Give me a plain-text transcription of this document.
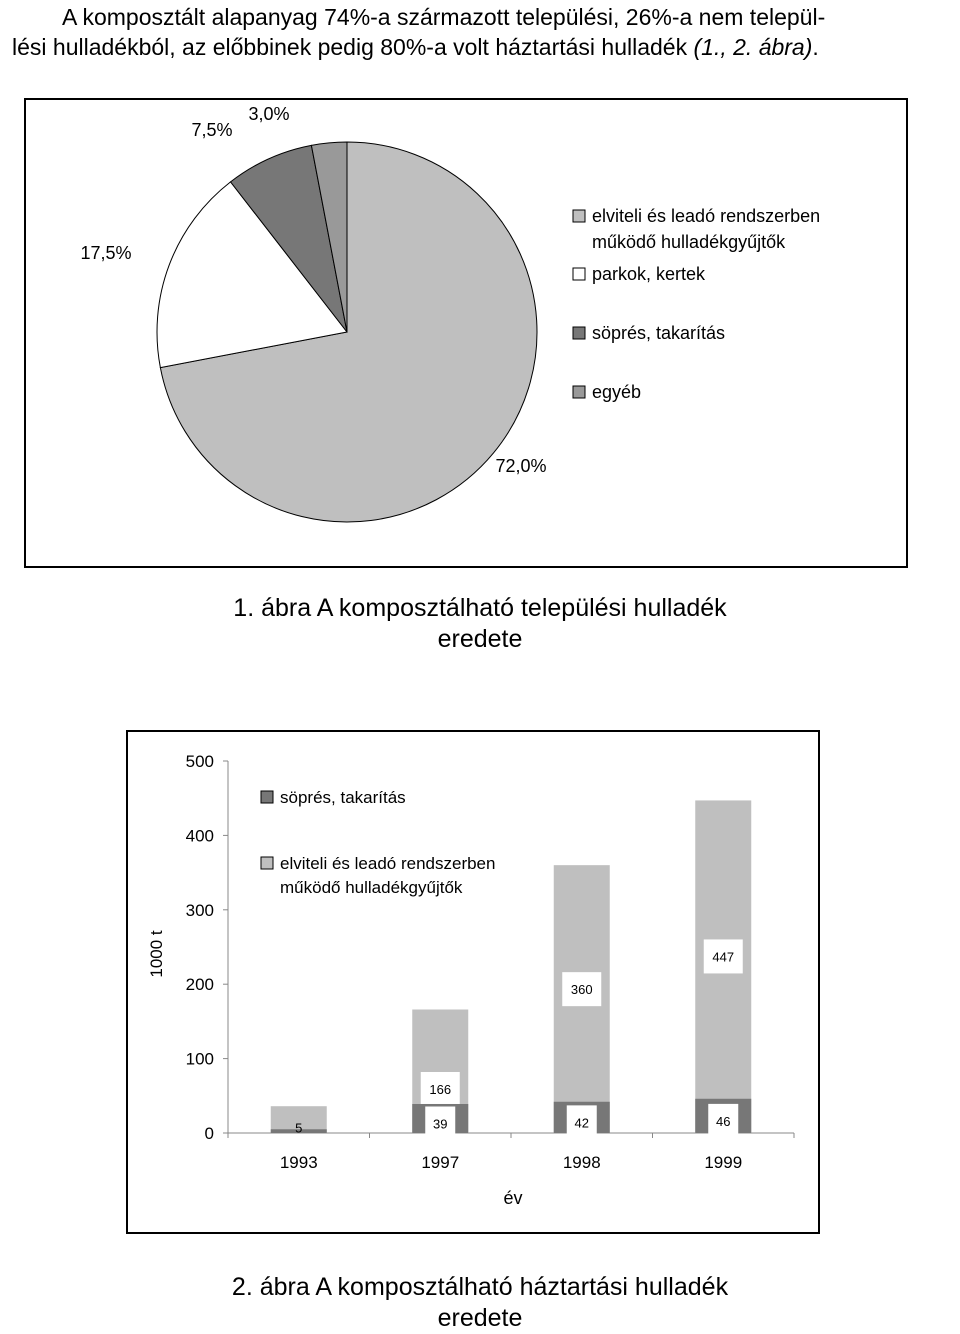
A komposztált alapanyag 74%-a származott települési, 26%-a nem települ-
lési hulladékból, az előbbinek pedig 80%-a volt háztartási hulladék (1., 2. ábra).
72,0%
17,5%
7,5%
3,0%
elviteli és leadó rendszerben
működő hulladékgyűjtők
parkok, kertek
söprés, takarítás
egyéb
1. ábra A komposztálható települési hulladék
eredete
0
100
200
300
400
500
5
1993
166
39
1997
360
42
1998
447
46
1999
év
1000 t
söprés, takarítás
elviteli és leadó rendszerben
működő hulladékgyűjtők
2. ábra A komposztálható háztartási hulladék
eredete
